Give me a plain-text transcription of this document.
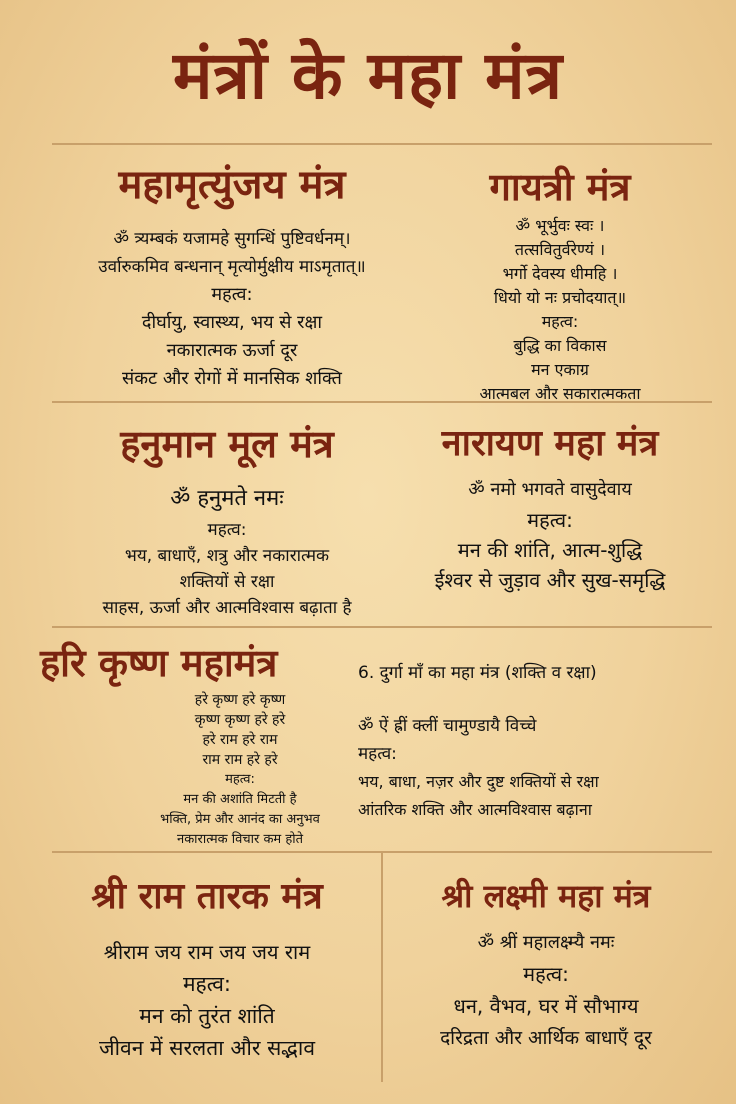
मंत्रों के महा मंत्र
महामृत्युंजय मंत्र
ॐ त्र्यम्बकं यजामहे सुगन्धिं पुष्टिवर्धनम्।
उर्वारुकमिव बन्धनान् मृत्योर्मुक्षीय माऽमृतात्॥
महत्व:
दीर्घायु, स्वास्थ्य, भय से रक्षा
नकारात्मक ऊर्जा दूर
संकट और रोगों में मानसिक शक्ति
गायत्री मंत्र
ॐ भूर्भुवः स्वः ।
तत्सवितुर्वरेण्यं ।
भर्गो देवस्य धीमहि ।
धियो यो नः प्रचोदयात्॥
महत्व:
बुद्धि का विकास
मन एकाग्र
आत्मबल और सकारात्मकता
हनुमान मूल मंत्र
ॐ हनुमते नमः
महत्व:
भय, बाधाएँ, शत्रु और नकारात्मक
शक्तियों से रक्षा
साहस, ऊर्जा और आत्मविश्वास बढ़ाता है
नारायण महा मंत्र
ॐ नमो भगवते वासुदेवाय
महत्व:
मन की शांति, आत्म-शुद्धि
ईश्वर से जुड़ाव और सुख-समृद्धि
हरि कृष्ण महामंत्र
हरे कृष्ण हरे कृष्ण
कृष्ण कृष्ण हरे हरे
हरे राम हरे राम
राम राम हरे हरे
महत्व:
मन की अशांति मिटती है
भक्ति, प्रेम और आनंद का अनुभव
नकारात्मक विचार कम होते
6. दुर्गा माँ का महा मंत्र (शक्ति व रक्षा)
ॐ ऐं ह्रीं क्लीं चामुण्डायै विच्चे
महत्व:
भय, बाधा, नज़र और दुष्ट शक्तियों से रक्षा
आंतरिक शक्ति और आत्मविश्वास बढ़ाना
श्री राम तारक मंत्र
श्रीराम जय राम जय जय राम
महत्व:
मन को तुरंत शांति
जीवन में सरलता और सद्भाव
श्री लक्ष्मी महा मंत्र
ॐ श्रीं महालक्ष्म्यै नमः
महत्व:
धन, वैभव, घर में सौभाग्य
दरिद्रता और आर्थिक बाधाएँ दूर
